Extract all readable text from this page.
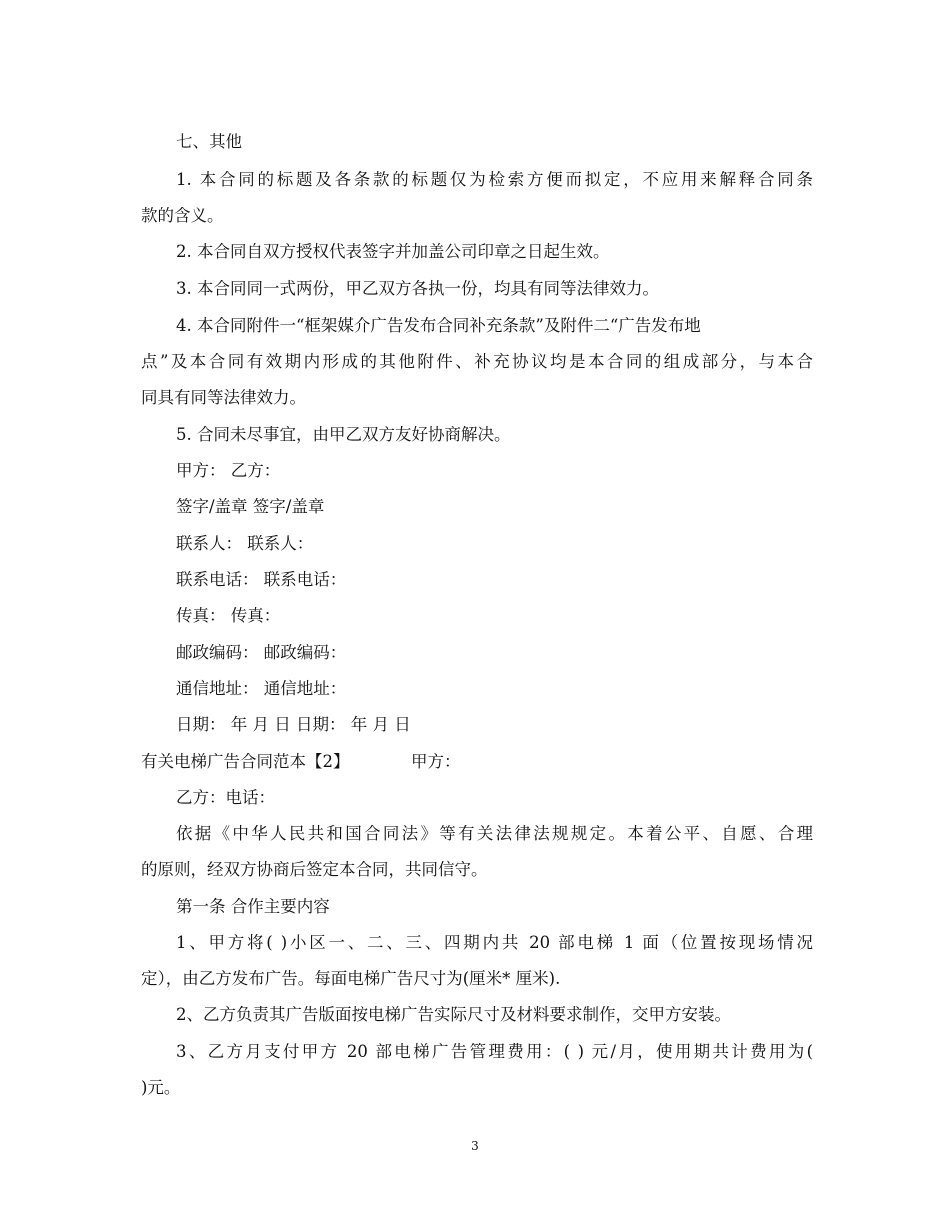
七、其他
1. 本合同的标题及各条款的标题仅为检索方便而拟定，不应用来解释合同条
款的含义。
2. 本合同自双方授权代表签字并加盖公司印章之日起生效。
3. 本合同同一式两份，甲乙双方各执一份，均具有同等法律效力。
4. 本合同附件一“框架媒介广告发布合同补充条款”及附件二“广告发布地
点”及本合同有效期内形成的其他附件、补充协议均是本合同的组成部分，与本合
同具有同等法律效力。
5. 合同未尽事宜，由甲乙双方友好协商解决。
甲方： 乙方：
签字/盖章 签字/盖章
联系人： 联系人：
联系电话： 联系电话：
传真： 传真：
邮政编码： 邮政编码：
通信地址： 通信地址：
日期： 年 月 日 日期： 年 月 日
有关电梯广告合同范本【2】	甲方：
乙方：电话：
依据《中华人民共和国合同法》等有关法律法规规定。本着公平、自愿、合理
的原则，经双方协商后签定本合同，共同信守。
第一条 合作主要内容
1、甲方将( )小区一、二、三、四期内共 20 部电梯 1 面（位置按现场情况
定），由乙方发布广告。每面电梯广告尺寸为(厘米* 厘米).
2、乙方负责其广告版面按电梯广告实际尺寸及材料要求制作，交甲方安装。
3、乙方月支付甲方 20 部电梯广告管理费用：( ) 元/月，使用期共计费用为(
)元。
3
